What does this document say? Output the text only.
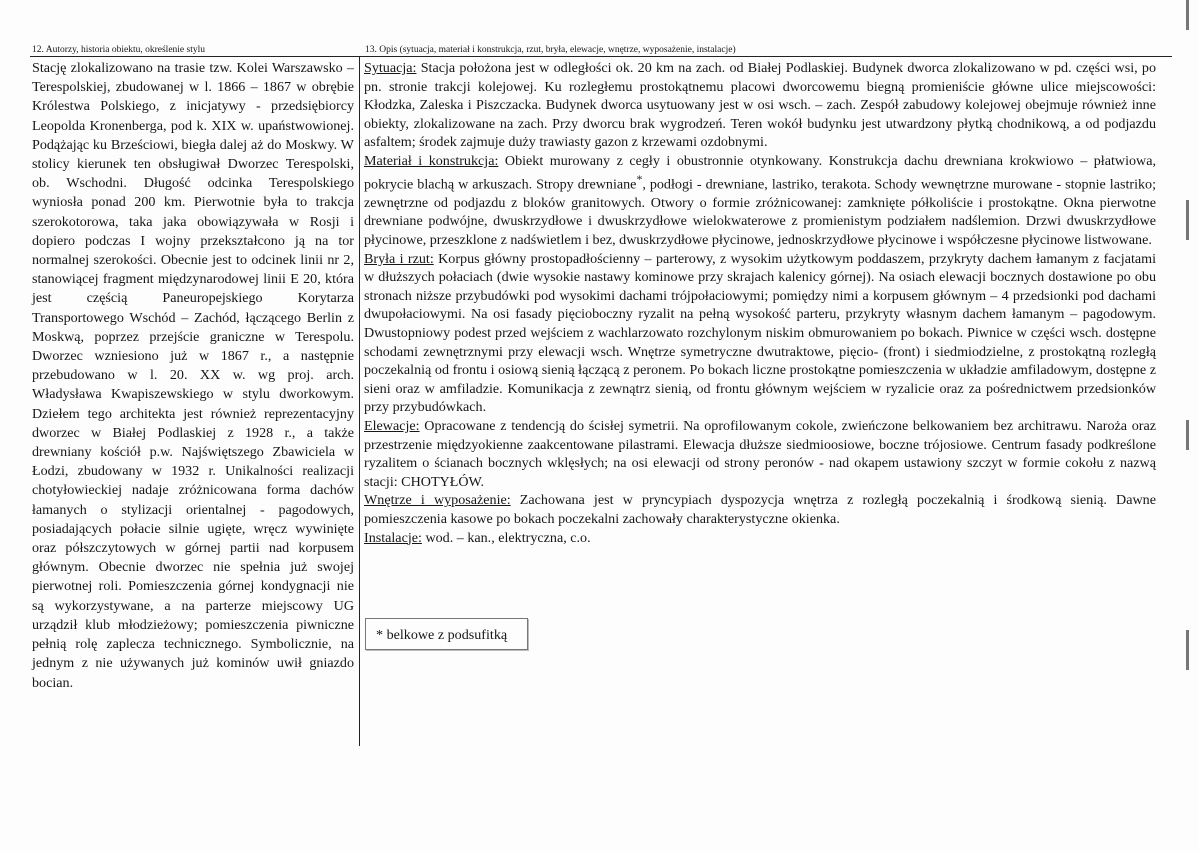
12. Autorzy, historia obiektu, określenie stylu	13. Opis (sytuacja, materiał i konstrukcja, rzut, bryła, elewacje, wnętrze, wyposażenie, instalacje)
Stację zlokalizowano na trasie tzw. Kolei Warszawsko – Terespolskiej, zbudowanej w l. 1866 – 1867 w obrębie Królestwa Polskiego, z inicjatywy - przedsiębiorcy Leopolda Kronenberga, pod k. XIX w. upaństwowionej. Podążając ku Brześciowi, biegła dalej aż do Moskwy. W stolicy kierunek ten obsługiwał Dworzec Terespolski, ob. Wschodni. Długość odcinka Terespolskiego wyniosła ponad 200 km. Pierwotnie była to trakcja szerokotorowa, taka jaka obowiązywała w Rosji i dopiero podczas I wojny przekształcono ją na tor normalnej szerokości. Obecnie jest to odcinek linii nr 2, stanowiącej fragment międzynarodowej linii E 20, która jest częścią Paneuropejskiego Korytarza Transportowego Wschód – Zachód, łączącego Berlin z Moskwą, poprzez przejście graniczne w Terespolu. Dworzec wzniesiono już w 1867 r., a następnie przebudowano w l. 20. XX w. wg proj. arch. Władysława Kwapiszewskiego w stylu dworkowym. Dziełem tego architekta jest również reprezentacyjny dworzec w Białej Podlaskiej z 1928 r., a także drewniany kościół p.w. Najświętszego Zbawiciela w Łodzi, zbudowany w 1932 r. Unikalności realizacji chotyłowieckiej nadaje zróżnicowana forma dachów łamanych o stylizacji orientalnej - pagodowych, posiadających połacie silnie ugięte, wręcz wywinięte oraz półszczytowych w górnej partii nad korpusem głównym. Obecnie dworzec nie spełnia już swojej pierwotnej roli. Pomieszczenia górnej kondygnacji nie są wykorzystywane, a na parterze miejscowy UG urządził klub młodzieżowy; pomieszczenia piwniczne pełnią rolę zaplecza technicznego. Symbolicznie, na jednym z nie używanych już kominów uwił gniazdo bocian.

Sytuacja: Stacja położona jest w odległości ok. 20 km na zach. od Białej Podlaskiej. Budynek dworca zlokalizowano w pd. części wsi, po pn. stronie trakcji kolejowej. Ku rozległemu prostokątnemu placowi dworcowemu biegną promieniście główne ulice miejscowości: Kłodzka, Zaleska i Piszczacka. Budynek dworca usytuowany jest w osi wsch. – zach. Zespół zabudowy kolejowej obejmuje również inne obiekty, zlokalizowane na zach. Przy dworcu brak wygrodzeń. Teren wokół budynku jest utwardzony płytką chodnikową, a od podjazdu asfaltem; środek zajmuje duży trawiasty gazon z krzewami ozdobnymi.

Materiał i konstrukcja: Obiekt murowany z cegły i obustronnie otynkowany. Konstrukcja dachu drewniana krokwiowo – płatwiowa, pokrycie blachą w arkuszach. Stropy drewniane*, podłogi - drewniane, lastriko, terakota. Schody wewnętrzne murowane - stopnie lastriko; zewnętrzne od podjazdu z bloków granitowych. Otwory o formie zróżnicowanej: zamknięte półkoliście i prostokątne. Okna pierwotne drewniane podwójne, dwuskrzydłowe i dwuskrzydłowe wielokwaterowe z promienistym podziałem nadślemion. Drzwi dwuskrzydłowe płycinowe, przeszklone z nadświetlem i bez, dwuskrzydłowe płycinowe, jednoskrzydłowe płycinowe i współczesne płycinowe listwowane.

Bryła i rzut: Korpus główny prostopadłościenny – parterowy, z wysokim użytkowym poddaszem, przykryty dachem łamanym z facjatami w dłuższych połaciach (dwie wysokie nastawy kominowe przy skrajach kalenicy górnej). Na osiach elewacji bocznych dostawione po obu stronach niższe przybudówki pod wysokimi dachami trójpołaciowymi; pomiędzy nimi a korpusem głównym – 4 przedsionki pod dachami dwupołaciowymi. Na osi fasady pięcioboczny ryzalit na pełną wysokość parteru, przykryty własnym dachem łamanym – pagodowym. Dwustopniowy podest przed wejściem z wachlarzowato rozchylonym niskim obmurowaniem po bokach. Piwnice w części wsch. dostępne schodami zewnętrznymi przy elewacji wsch. Wnętrze symetryczne dwutraktowe, pięcio- (front) i siedmiodzielne, z prostokątną rozległą poczekalnią od frontu i osiową sienią łączącą z peronem. Po bokach liczne prostokątne pomieszczenia w układzie amfiladowym, dostępne z sieni oraz w amfiladzie. Komunikacja z zewnątrz sienią, od frontu głównym wejściem w ryzalicie oraz za pośrednictwem przedsionków przy przybudówkach.

Elewacje: Opracowane z tendencją do ścisłej symetrii. Na oprofilowanym cokole, zwieńczone belkowaniem bez architrawu. Naroża oraz przestrzenie międzyokienne zaakcentowane pilastrami. Elewacja dłuższe siedmioosiowe, boczne trójosiowe. Centrum fasady podkreślone ryzalitem o ścianach bocznych wklęsłych; na osi elewacji od strony peronów - nad okapem ustawiony szczyt w formie cokołu z nazwą stacji: CHOTYŁÓW.

Wnętrze i wyposażenie: Zachowana jest w pryncypiach dyspozycja wnętrza z rozległą poczekalnią i środkową sienią. Dawne pomieszczenia kasowe po bokach poczekalni zachowały charakterystyczne okienka.

Instalacje: wod. – kan., elektryczna, c.o.

* belkowe z podsufitką
